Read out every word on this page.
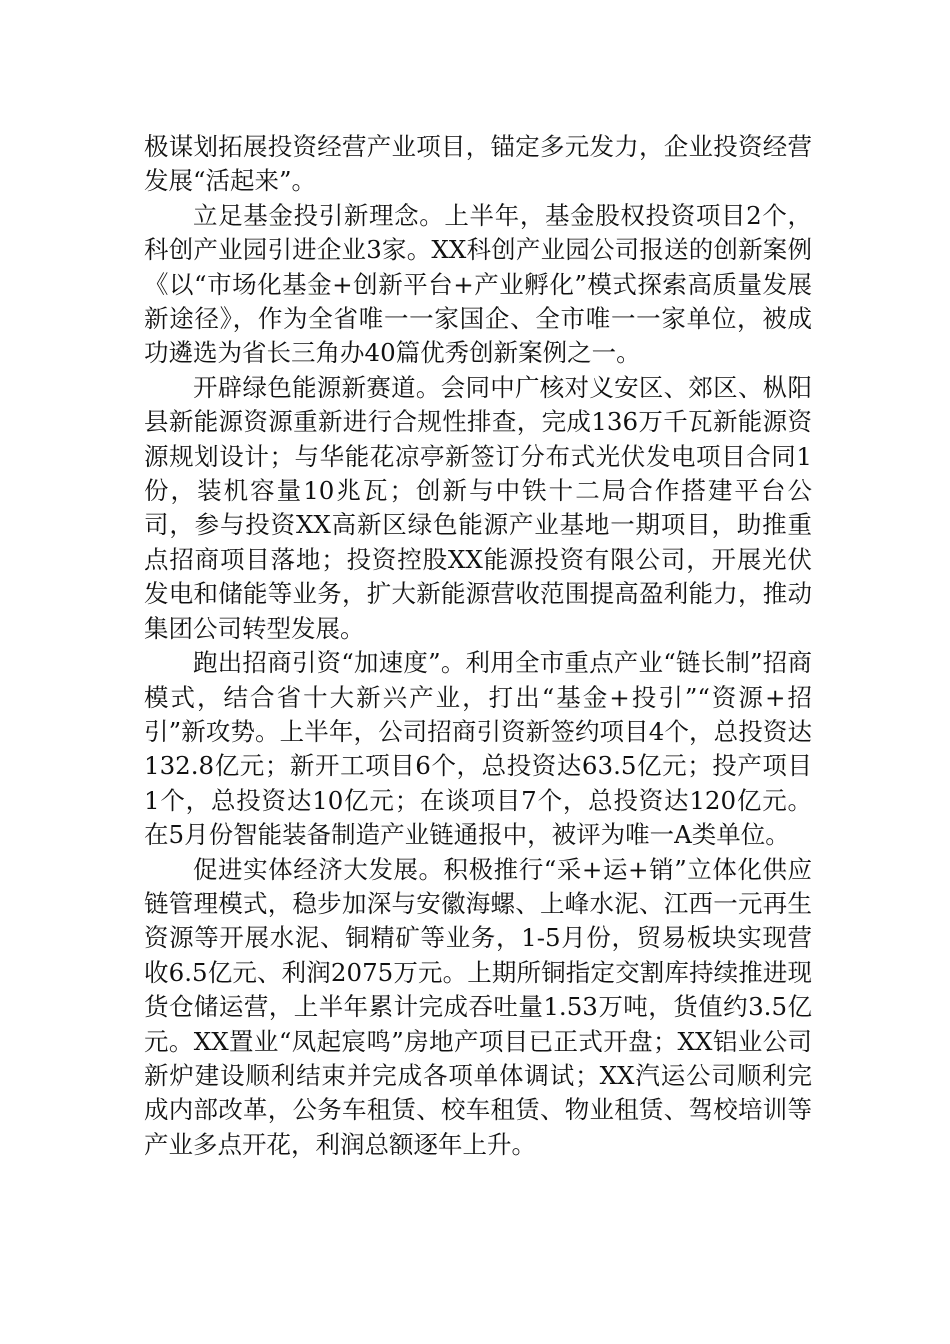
极谋划拓展投资经营产业项目，锚定多元发力，企业投资经营发展“活起来”。

立足基金投引新理念。上半年，基金股权投资项目2个，科创产业园引进企业3家。XX科创产业园公司报送的创新案例《以“市场化基金+创新平台+产业孵化”模式探索高质量发展新途径》，作为全省唯一一家国企、全市唯一一家单位，被成功遴选为省长三角办40篇优秀创新案例之一。

开辟绿色能源新赛道。会同中广核对义安区、郊区、枞阳县新能源资源重新进行合规性排查，完成136万千瓦新能源资源规划设计；与华能花凉亭新签订分布式光伏发电项目合同1份，装机容量10兆瓦；创新与中铁十二局合作搭建平台公司，参与投资XX高新区绿色能源产业基地一期项目，助推重点招商项目落地；投资控股XX能源投资有限公司，开展光伏发电和储能等业务，扩大新能源营收范围提高盈利能力，推动集团公司转型发展。

跑出招商引资“加速度”。利用全市重点产业“链长制”招商模式，结合省十大新兴产业，打出“基金+投引”“资源+招引”新攻势。上半年，公司招商引资新签约项目4个，总投资达132.8亿元；新开工项目6个，总投资达63.5亿元；投产项目1个，总投资达10亿元；在谈项目7个，总投资达120亿元。在5月份智能装备制造产业链通报中，被评为唯一A类单位。

促进实体经济大发展。积极推行“采+运+销”立体化供应链管理模式，稳步加深与安徽海螺、上峰水泥、江西一元再生资源等开展水泥、铜精矿等业务，1-5月份，贸易板块实现营收6.5亿元、利润2075万元。上期所铜指定交割库持续推进现货仓储运营，上半年累计完成吞吐量1.53万吨，货值约3.5亿元。XX置业“凤起宸鸣”房地产项目已正式开盘；XX铝业公司新炉建设顺利结束并完成各项单体调试；XX汽运公司顺利完成内部改革，公务车租赁、校车租赁、物业租赁、驾校培训等产业多点开花，利润总额逐年上升。
